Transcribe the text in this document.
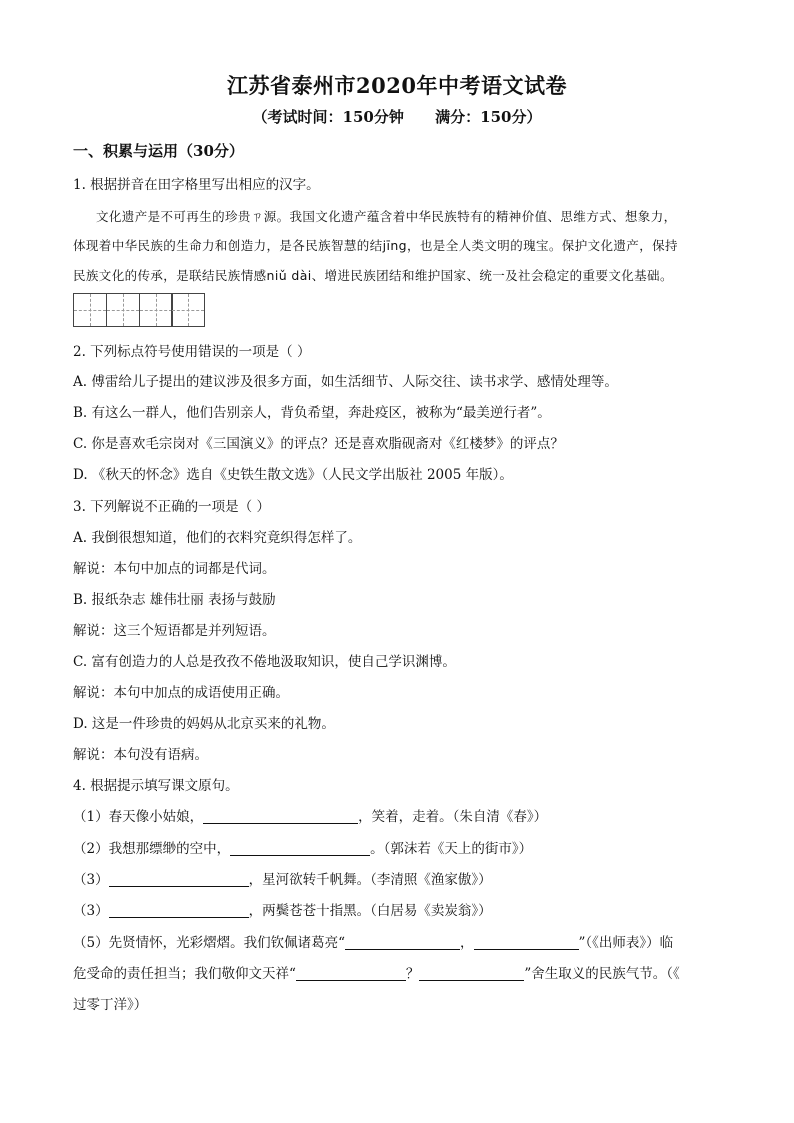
江苏省泰州市2020年中考语文试卷
（考试时间：150分钟      满分：150分）
一、积累与运用（30分）
1. 根据拼音在田字格里写出相应的汉字。
文化遗产是不可再生的珍贵ㄗ源。我国文化遗产蕴含着中华民族特有的精神价值、思维方式、想象力，
体现着中华民族的生命力和创造力，是各民族智慧的结jīng，也是全人类文明的瑰宝。保护文化遗产，保持
民族文化的传承，是联结民族情感niǔ dài、增进民族团结和维护国家、统一及社会稳定的重要文化基础。
2. 下列标点符号使用错误的一项是（ ）
A. 傅雷给儿子提出的建议涉及很多方面，如生活细节、人际交往、读书求学、感情处理等。
B. 有这么一群人，他们告别亲人，背负希望，奔赴疫区，被称为“最美逆行者”。
C. 你是喜欢毛宗岗对《三国演义》的评点？还是喜欢脂砚斋对《红楼梦》的评点？
D. 《秋天的怀念》选自《史铁生散文选》（人民文学出版社 2005 年版）。
3. 下列解说不正确的一项是（ ）
A. 我倒很想知道，他们的衣料究竟织得怎样了。
解说：本句中加点的词都是代词。
B. 报纸杂志 雄伟壮丽 表扬与鼓励
解说：这三个短语都是并列短语。
C. 富有创造力的人总是孜孜不倦地汲取知识，使自己学识渊博。
解说：本句中加点的成语使用正确。
D. 这是一件珍贵的妈妈从北京买来的礼物。
解说：本句没有语病。
4. 根据提示填写课文原句。
（1）春天像小姑娘，	，笑着，走着。（朱自清《春》）
（2）我想那缥缈的空中，	。（郭沫若《天上的街市》）
（3）	，星河欲转千帆舞。（李清照《渔家傲》）
（3）	，两鬓苍苍十指黑。（白居易《卖炭翁》）
（5）先贤情怀，光彩熠熠。我们钦佩诸葛亮“	，	”（《出师表》）临
危受命的责任担当；我们敬仰文天祥“	？	”舍生取义的民族气节。（《
过零丁洋》）
